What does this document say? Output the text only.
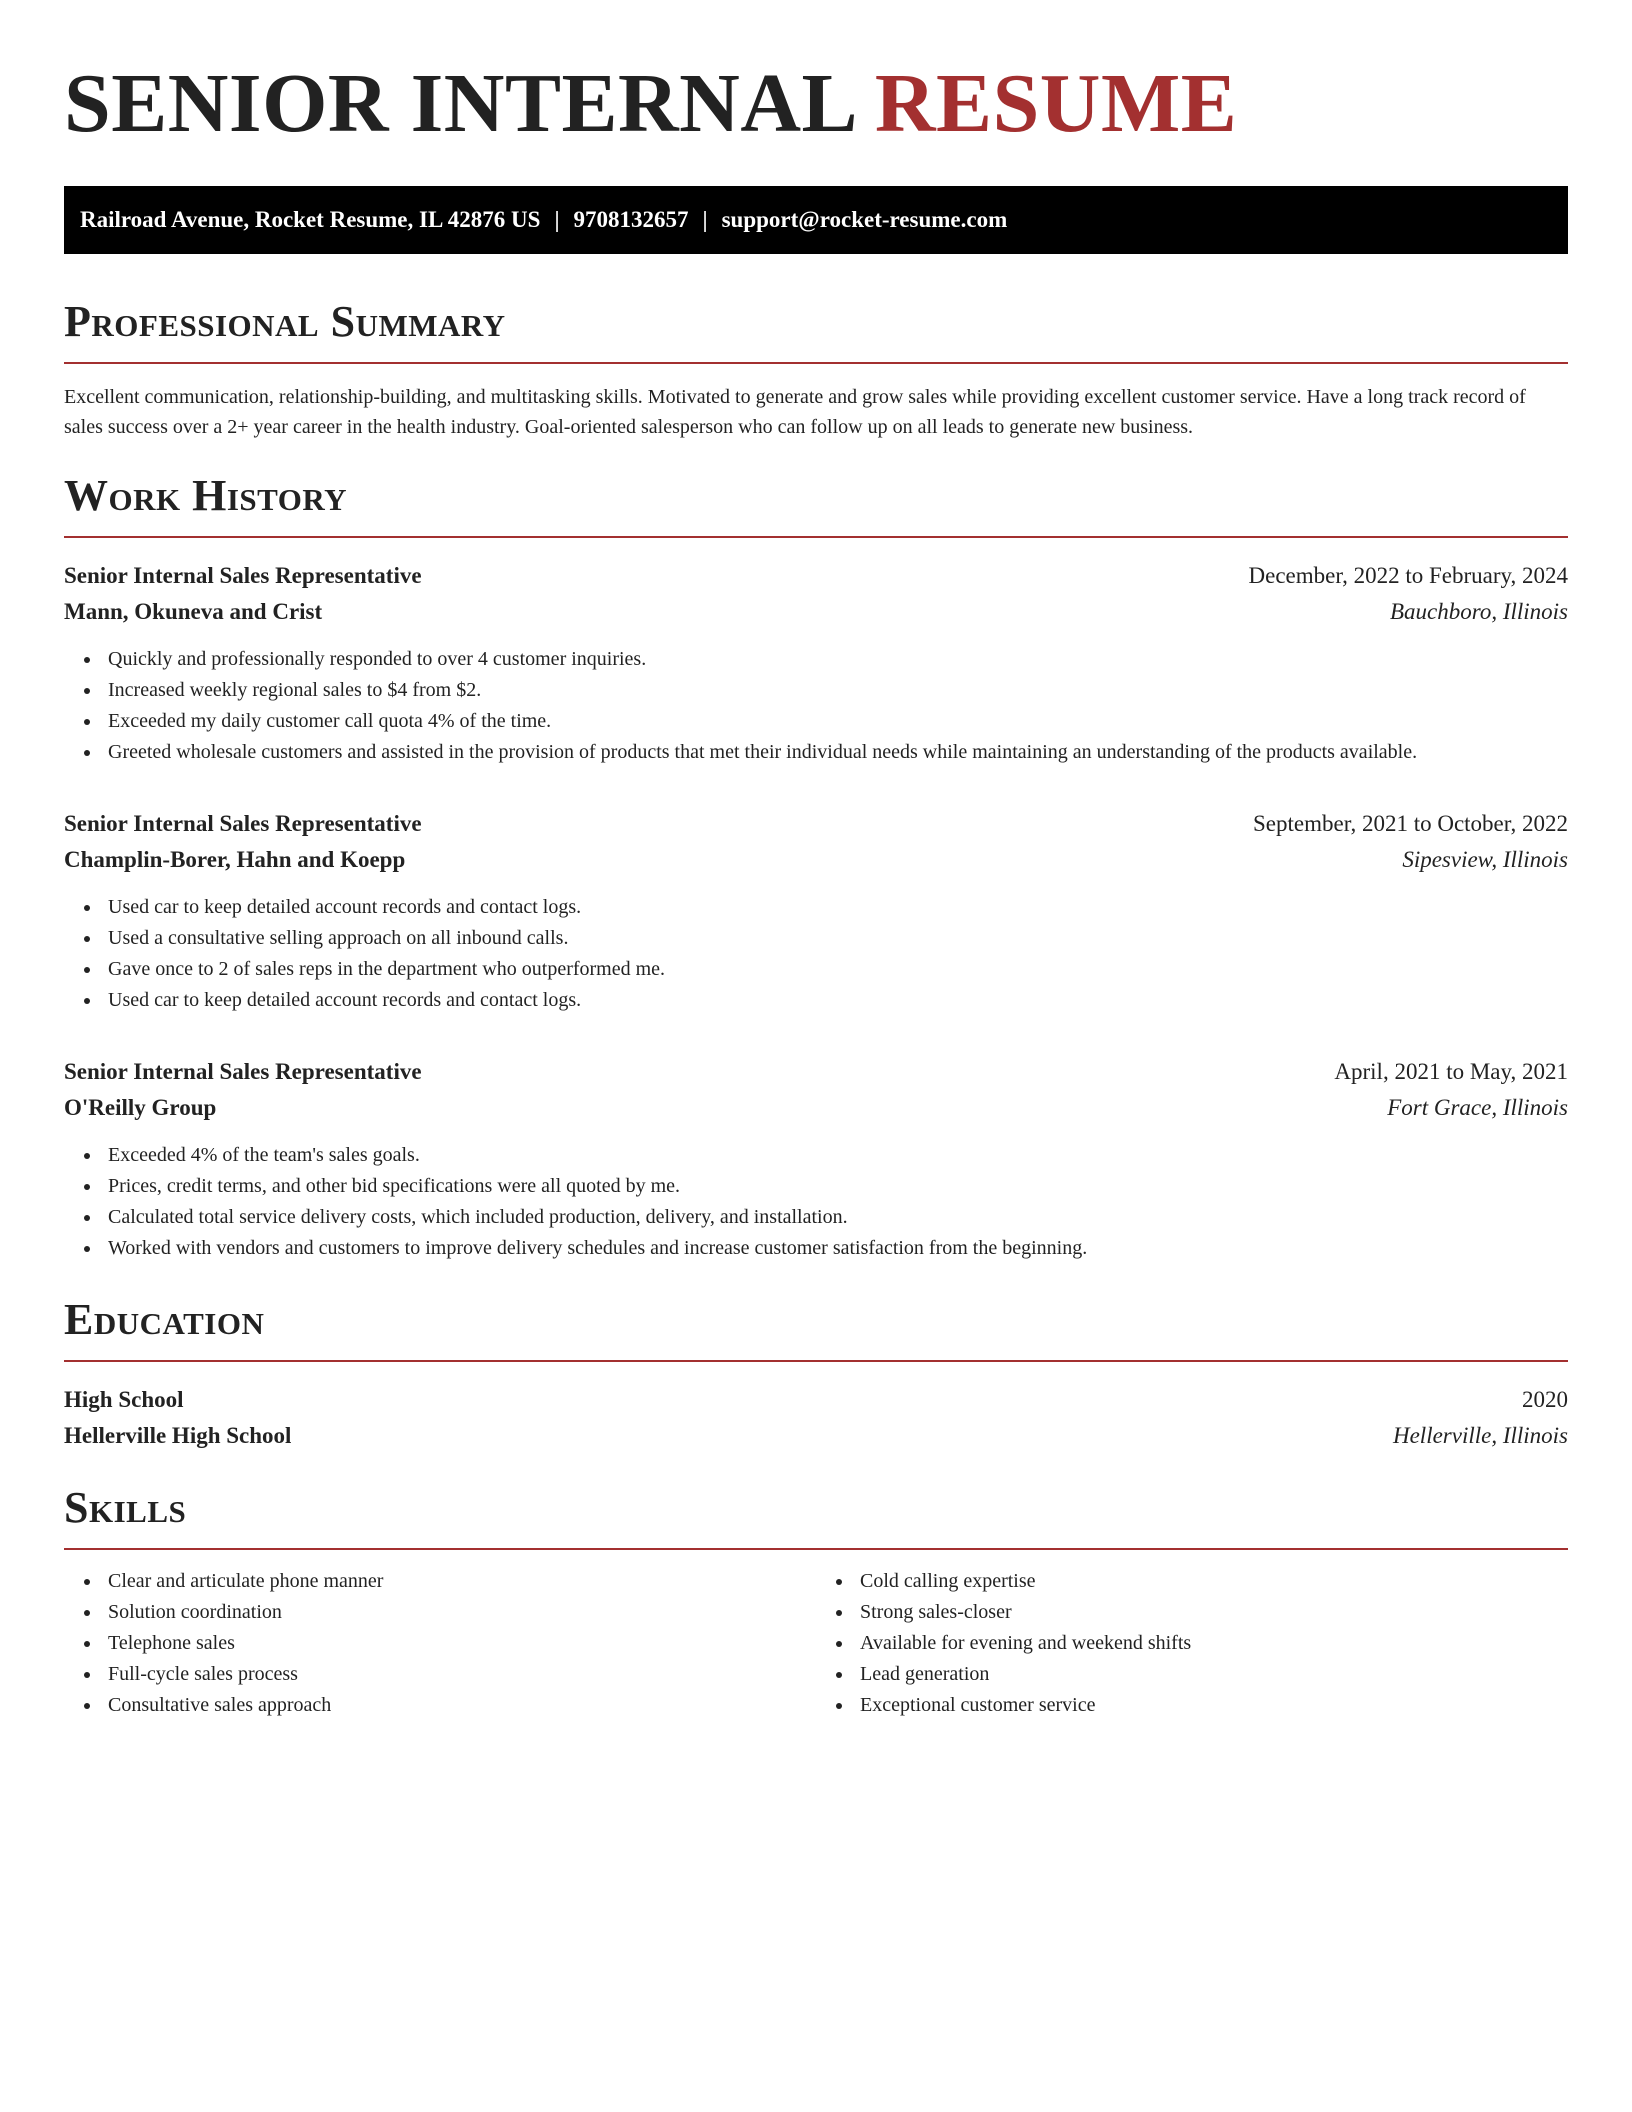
SENIOR INTERNAL RESUME
Railroad Avenue, Rocket Resume, IL 42876 US | 9708132657 | support@rocket-resume.com
Professional Summary

Excellent communication, relationship-building, and multitasking skills. Motivated to generate and grow sales while providing excellent customer service. Have a long track record of sales success over a 2+ year career in the health industry. Goal-oriented salesperson who can follow up on all leads to generate new business.

Work History
Senior Internal Sales Representative	December, 2022 to February, 2024
Mann, Okuneva and Crist	Bauchboro, Illinois
Quickly and professionally responded to over 4 customer inquiries.
Increased weekly regional sales to $4 from $2.
Exceeded my daily customer call quota 4% of the time.
Greeted wholesale customers and assisted in the provision of products that met their individual needs while maintaining an understanding of the products available.
Senior Internal Sales Representative	September, 2021 to October, 2022
Champlin-Borer, Hahn and Koepp	Sipesview, Illinois
Used car to keep detailed account records and contact logs.
Used a consultative selling approach on all inbound calls.
Gave once to 2 of sales reps in the department who outperformed me.
Used car to keep detailed account records and contact logs.
Senior Internal Sales Representative	April, 2021 to May, 2021
O'Reilly Group	Fort Grace, Illinois
Exceeded 4% of the team's sales goals.
Prices, credit terms, and other bid specifications were all quoted by me.
Calculated total service delivery costs, which included production, delivery, and installation.
Worked with vendors and customers to improve delivery schedules and increase customer satisfaction from the beginning.
Education
High School	2020
Hellerville High School	Hellerville, Illinois
Skills
Clear and articulate phone manner
Solution coordination
Telephone sales
Full-cycle sales process
Consultative sales approach
Cold calling expertise
Strong sales-closer
Available for evening and weekend shifts
Lead generation
Exceptional customer service
